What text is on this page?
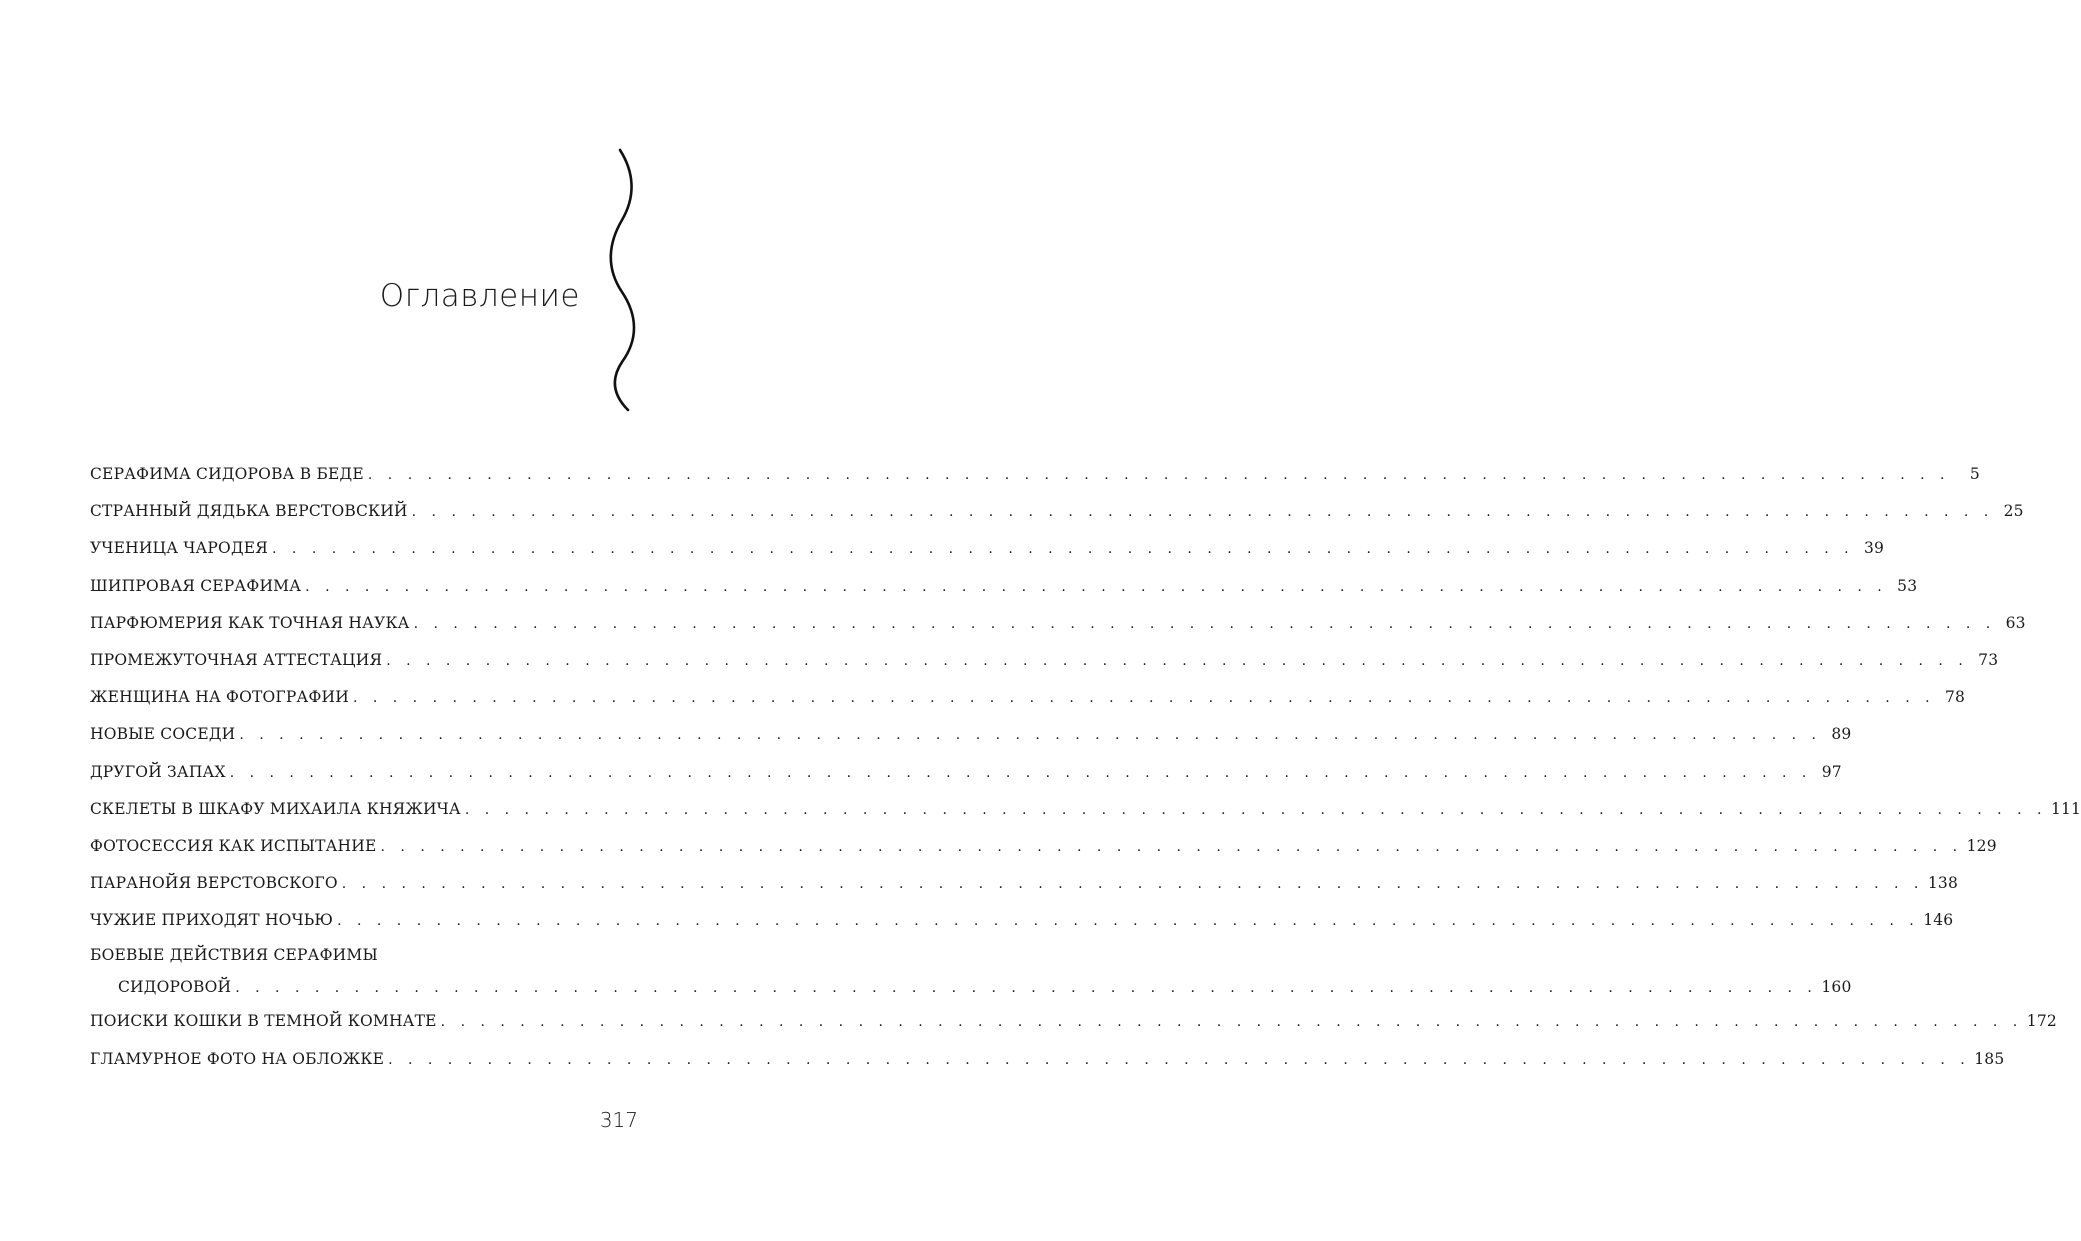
Оглавление
СЕРАФИМА СИДОРОВА В БЕДЕ . . . . . . . . . . . . . . . . . . . . . . . . . . . . . . . . . . . . . . . . . . . . . . . . . . . . . . . . . . . . . . . . . . . . . . . . . . . . . . . .	5
СТРАННЫЙ ДЯДЬКА ВЕРСТОВСКИЙ . . . . . . . . . . . . . . . . . . . . . . . . . . . . . . . . . . . . . . . . . . . . . . . . . . . . . . . . . . . . . . . . . . . . . . . . . . . . . . . . 25
УЧЕНИЦА ЧАРОДЕЯ . . . . . . . . . . . . . . . . . . . . . . . . . . . . . . . . . . . . . . . . . . . . . . . . . . . . . . . . . . . . . . . . . . . . . . . . . . . . . . . . 39
ШИПРОВАЯ СЕРАФИМА . . . . . . . . . . . . . . . . . . . . . . . . . . . . . . . . . . . . . . . . . . . . . . . . . . . . . . . . . . . . . . . . . . . . . . . . . . . . . . . . 53
ПАРФЮМЕРИЯ КАК ТОЧНАЯ НАУКА . . . . . . . . . . . . . . . . . . . . . . . . . . . . . . . . . . . . . . . . . . . . . . . . . . . . . . . . . . . . . . . . . . . . . . . . . . . . . . . . 63
ПРОМЕЖУТОЧНАЯ АТТЕСТАЦИЯ . . . . . . . . . . . . . . . . . . . . . . . . . . . . . . . . . . . . . . . . . . . . . . . . . . . . . . . . . . . . . . . . . . . . . . . . . . . . . . . . 73
ЖЕНЩИНА НА ФОТОГРАФИИ . . . . . . . . . . . . . . . . . . . . . . . . . . . . . . . . . . . . . . . . . . . . . . . . . . . . . . . . . . . . . . . . . . . . . . . . . . . . . . . . 78
НОВЫЕ СОСЕДИ . . . . . . . . . . . . . . . . . . . . . . . . . . . . . . . . . . . . . . . . . . . . . . . . . . . . . . . . . . . . . . . . . . . . . . . . . . . . . . . . 89
ДРУГОЙ ЗАПАХ . . . . . . . . . . . . . . . . . . . . . . . . . . . . . . . . . . . . . . . . . . . . . . . . . . . . . . . . . . . . . . . . . . . . . . . . . . . . . . . . 97
СКЕЛЕТЫ В ШКАФУ МИХАИЛА КНЯЖИЧА . . . . . . . . . . . . . . . . . . . . . . . . . . . . . . . . . . . . . . . . . . . . . . . . . . . . . . . . . . . . . . . . . . . . . . . . . . . . . . . . 111
ФОТОСЕССИЯ КАК ИСПЫТАНИЕ . . . . . . . . . . . . . . . . . . . . . . . . . . . . . . . . . . . . . . . . . . . . . . . . . . . . . . . . . . . . . . . . . . . . . . . . . . . . . . . . 129
ПАРАНОЙЯ ВЕРСТОВСКОГО . . . . . . . . . . . . . . . . . . . . . . . . . . . . . . . . . . . . . . . . . . . . . . . . . . . . . . . . . . . . . . . . . . . . . . . . . . . . . . . . 138
ЧУЖИЕ ПРИХОДЯТ НОЧЬЮ . . . . . . . . . . . . . . . . . . . . . . . . . . . . . . . . . . . . . . . . . . . . . . . . . . . . . . . . . . . . . . . . . . . . . . . . . . . . . . . . 146
БОЕВЫЕ ДЕЙСТВИЯ СЕРАФИМЫ
СИДОРОВОЙ . . . . . . . . . . . . . . . . . . . . . . . . . . . . . . . . . . . . . . . . . . . . . . . . . . . . . . . . . . . . . . . . . . . . . . . . . . . . . . . . 160
ПОИСКИ КОШКИ В ТЕМНОЙ КОМНАТЕ . . . . . . . . . . . . . . . . . . . . . . . . . . . . . . . . . . . . . . . . . . . . . . . . . . . . . . . . . . . . . . . . . . . . . . . . . . . . . . . . 172
ГЛАМУРНОЕ ФОТО НА ОБЛОЖКЕ . . . . . . . . . . . . . . . . . . . . . . . . . . . . . . . . . . . . . . . . . . . . . . . . . . . . . . . . . . . . . . . . . . . . . . . . . . . . . . . . 185
317
